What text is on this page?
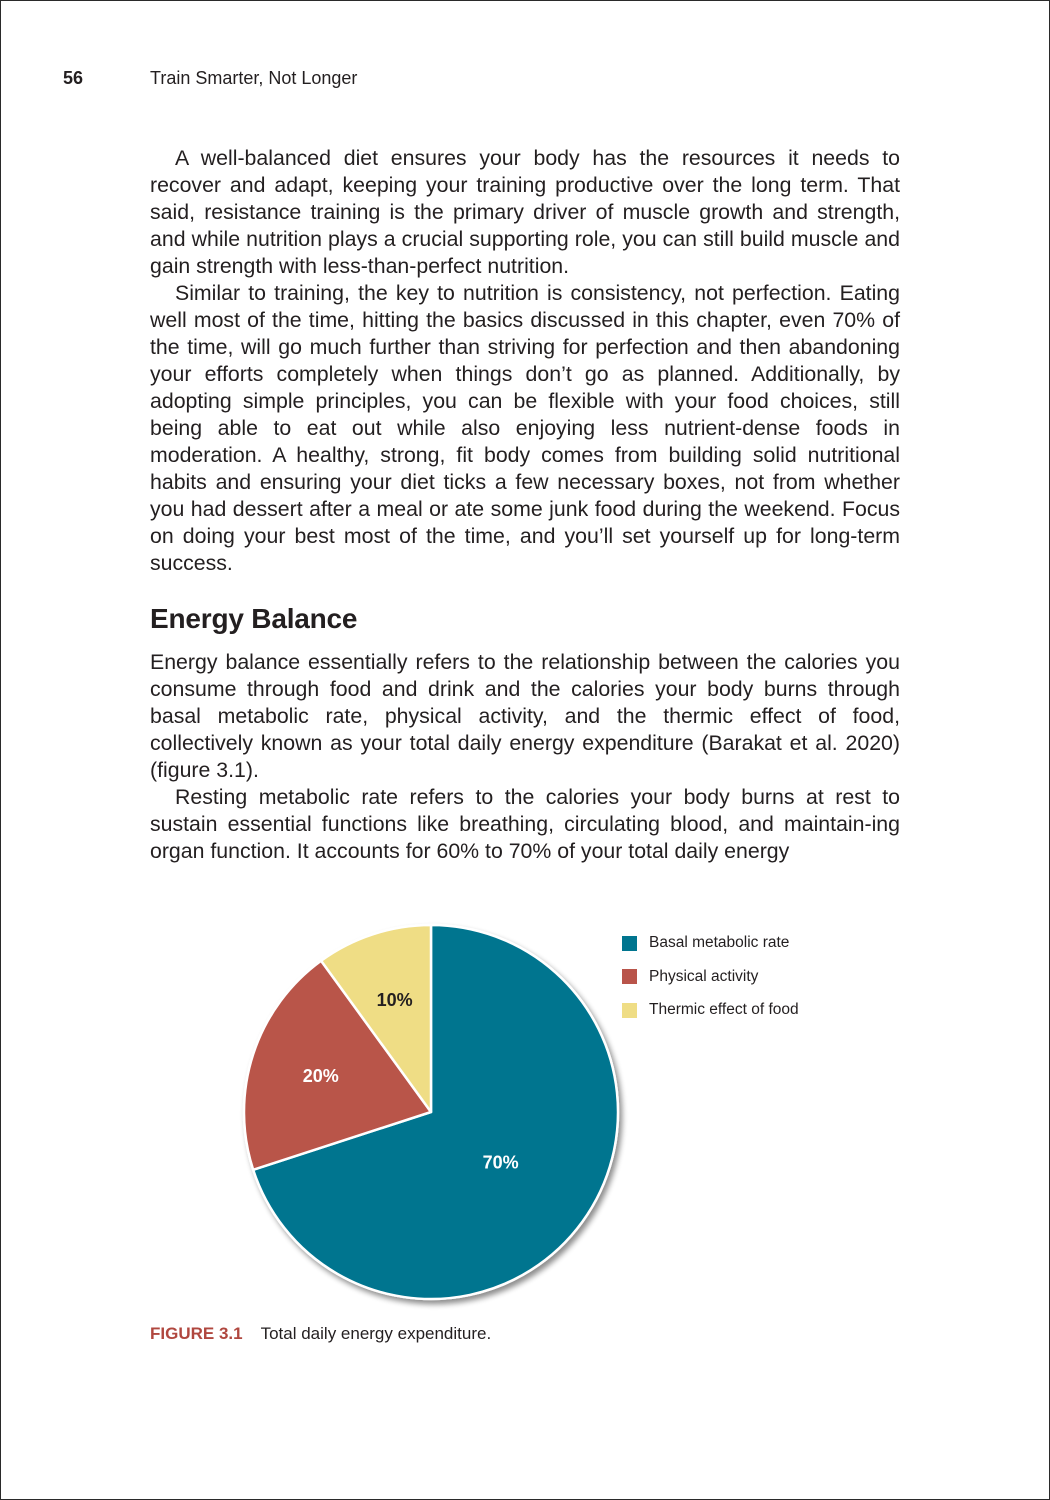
56	Train Smarter, Not Longer

A well-balanced diet ensures your body has the resources it needs to recover and adapt, keeping your training productive over the long term. That said, resistance training is the primary driver of muscle growth and strength, and while nutrition plays a crucial supporting role, you can still build muscle and gain strength with less-than-perfect nutrition.

Similar to training, the key to nutrition is consistency, not perfection. Eating well most of the time, hitting the basics discussed in this chapter, even 70% of the time, will go much further than striving for perfection and then abandoning your efforts completely when things don’t go as planned. Additionally, by adopting simple principles, you can be flexible with your food choices, still being able to eat out while also enjoying less nutrient-dense foods in moderation. A healthy, strong, fit body comes from building solid nutritional habits and ensuring your diet ticks a few necessary boxes, not from whether you had dessert after a meal or ate some junk food during the weekend. Focus on doing your best most of the time, and you’ll set yourself up for long-term success.

Energy Balance

Energy balance essentially refers to the relationship between the calories you consume through food and drink and the calories your body burns through basal metabolic rate, physical activity, and the thermic effect of food, collectively known as your total daily energy expenditure (Barakat et al. 2020) (figure 3.1).

Resting metabolic rate refers to the calories your body burns at rest to sustain essential functions like breathing, circulating blood, and maintain-ing organ function. It accounts for 60% to 70% of your total daily energy

70%
20%
10%
Basal metabolic rate
Physical activity
Thermic effect of food
FIGURE 3.1 Total daily energy expenditure.
